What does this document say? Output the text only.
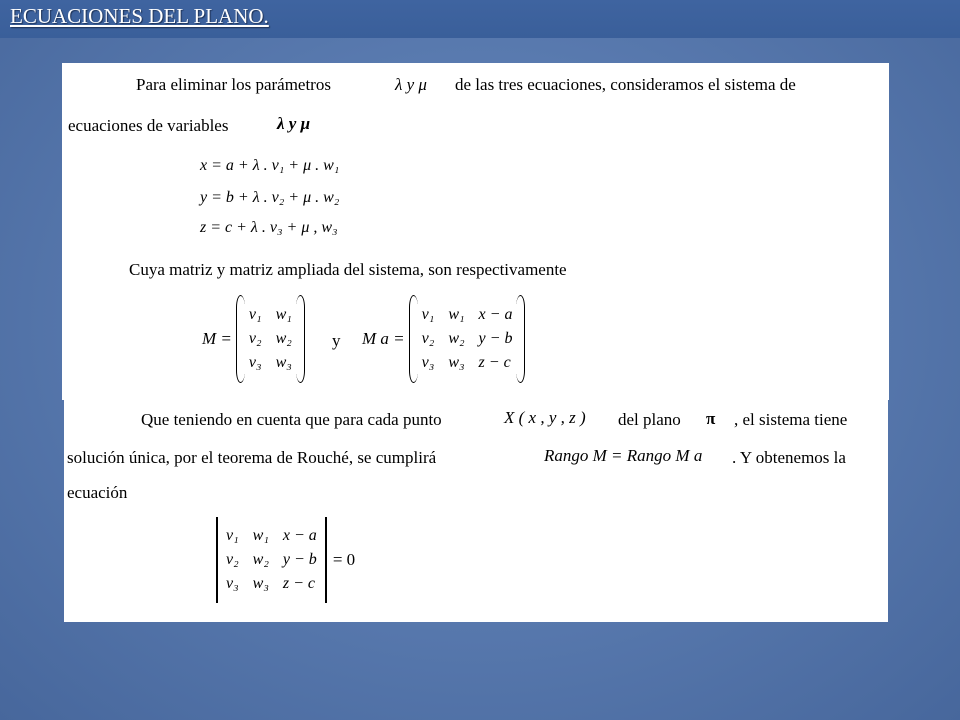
ECUACIONES DEL PLANO.
Para eliminar los parámetros	λ y μ de las tres ecuaciones, consideramos el sistema de
ecuaciones de variables	λ y μ
x = a + λ . v₁ + μ . w₁
y = b + λ . v₂ + μ . w₂
z = c + λ . v₃ + μ , w₃
Cuya matriz y matriz ampliada del sistema, son respectivamente
M =
v₁ w₁
v₂ w₂
v₃ w₃
y M a =
v₁ w₁ x − a
v₂ w₂ y − b
v₃ w₃ z − c
Que teniendo en cuenta que para cada punto	X ( x , y , z ) del plano π , el sistema tiene
solución única, por el teorema de Rouché, se cumplirá	Rango M = Rango M a . Y obtenemos la
ecuación
v₁ w₁ x − a
v₂ w₂ y − b
v₃ w₃ z − c
= 0
